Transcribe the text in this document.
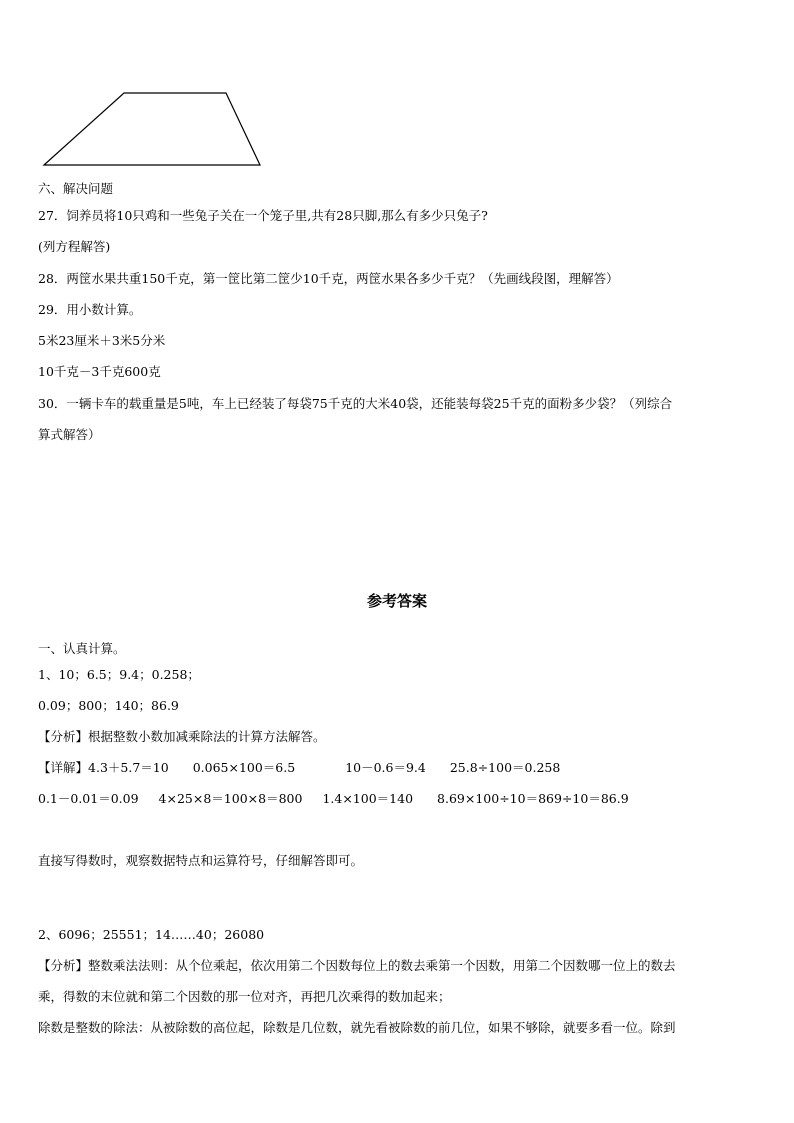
六、解决问题
27．饲养员将10只鸡和一些兔子关在一个笼子里,共有28只脚,那么有多少只兔子?
(列方程解答)
28．两筐水果共重150千克，第一筐比第二筐少10千克，两筐水果各多少千克？（先画线段图，理解答）
29．用小数计算。
5米23厘米＋3米5分米
10千克－3千克600克
30．一辆卡车的载重量是5吨，车上已经装了每袋75千克的大米40袋，还能装每袋25千克的面粉多少袋？（列综合
算式解答）
参考答案
一、认真计算。
1、10；6.5；9.4；0.258；
0.09；800；140；86.9
【分析】根据整数小数加减乘除法的计算方法解答。
【详解】4.3＋5.7＝10 0.065×100＝6.5	10－0.6＝9.4 25.8÷100＝0.258
0.1－0.01＝0.09 4×25×8＝100×8＝800 1.4×100＝140 8.69×100÷10＝869÷10＝86.9
直接写得数时，观察数据特点和运算符号，仔细解答即可。
2、6096；25551；14……40；26080
【分析】整数乘法法则：从个位乘起，依次用第二个因数每位上的数去乘第一个因数，用第二个因数哪一位上的数去
乘，得数的末位就和第二个因数的那一位对齐，再把几次乘得的数加起来；
除数是整数的除法：从被除数的高位起，除数是几位数，就先看被除数的前几位，如果不够除，就要多看一位。除到
